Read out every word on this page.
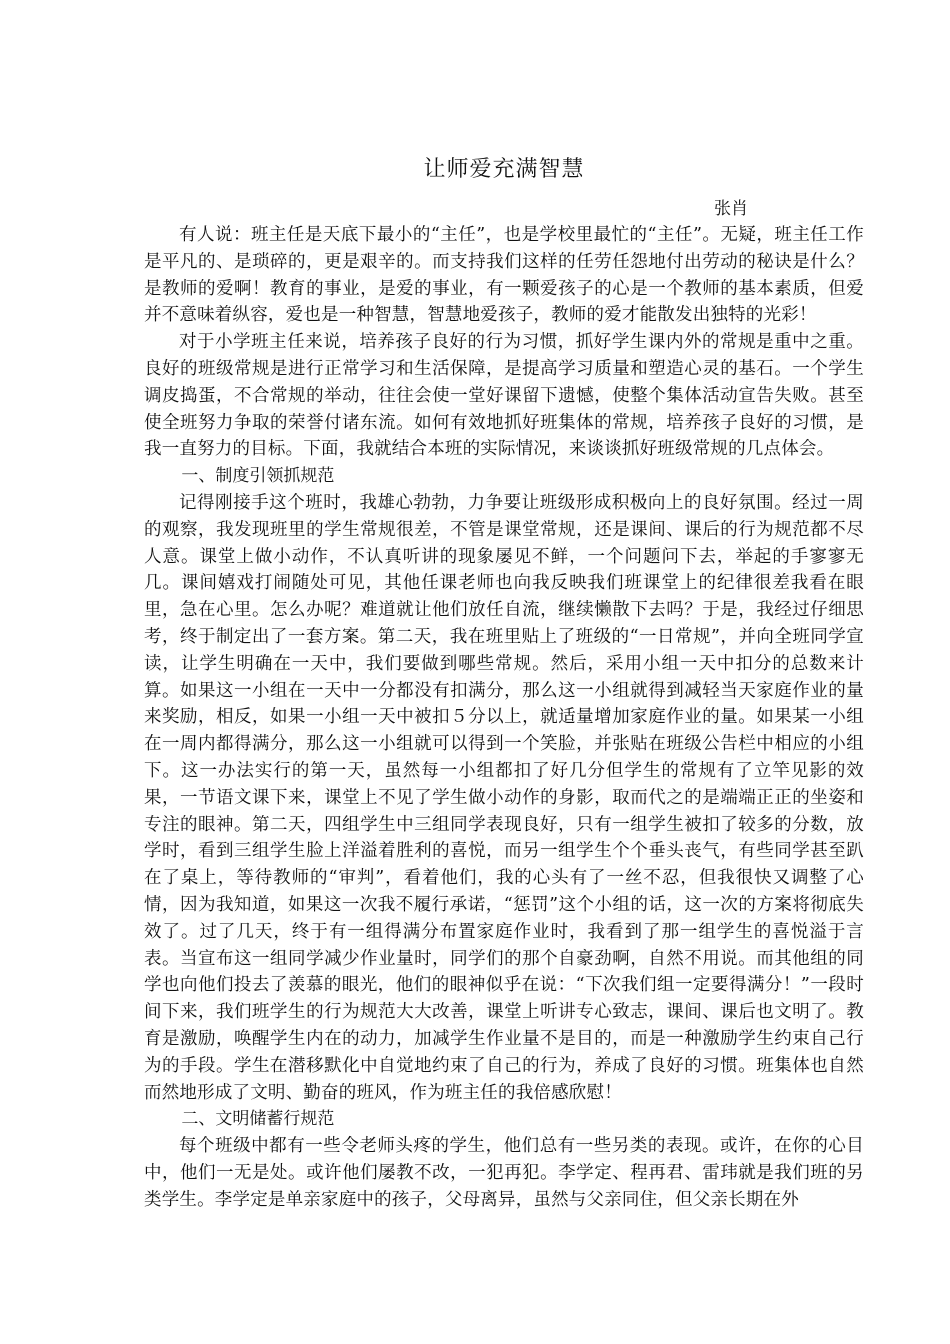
让师爱充满智慧

张肖

有人说：班主任是天底下最小的“主任”，也是学校里最忙的“主任”。无疑，班主任工作是平凡的、是琐碎的，更是艰辛的。而支持我们这样的任劳任怨地付出劳动的秘诀是什么？是教师的爱啊！教育的事业，是爱的事业，有一颗爱孩子的心是一个教师的基本素质，但爱并不意味着纵容，爱也是一种智慧，智慧地爱孩子，教师的爱才能散发出独特的光彩！

对于小学班主任来说，培养孩子良好的行为习惯，抓好学生课内外的常规是重中之重。良好的班级常规是进行正常学习和生活保障，是提高学习质量和塑造心灵的基石。一个学生调皮捣蛋，不合常规的举动，往往会使一堂好课留下遗憾，使整个集体活动宣告失败。甚至使全班努力争取的荣誉付诸东流。如何有效地抓好班集体的常规，培养孩子良好的习惯，是我一直努力的目标。下面，我就结合本班的实际情况，来谈谈抓好班级常规的几点体会。

一、制度引领抓规范

记得刚接手这个班时，我雄心勃勃，力争要让班级形成积极向上的良好氛围。经过一周的观察，我发现班里的学生常规很差，不管是课堂常规，还是课间、课后的行为规范都不尽人意。课堂上做小动作，不认真听讲的现象屡见不鲜，一个问题问下去，举起的手寥寥无几。课间嬉戏打闹随处可见，其他任课老师也向我反映我们班课堂上的纪律很差我看在眼里，急在心里。怎么办呢？难道就让他们放任自流，继续懒散下去吗？于是，我经过仔细思考，终于制定出了一套方案。第二天，我在班里贴上了班级的“一日常规”，并向全班同学宣读，让学生明确在一天中，我们要做到哪些常规。然后，采用小组一天中扣分的总数来计算。如果这一小组在一天中一分都没有扣满分，那么这一小组就得到减轻当天家庭作业的量来奖励，相反，如果一小组一天中被扣５分以上，就适量增加家庭作业的量。如果某一小组在一周内都得满分，那么这一小组就可以得到一个笑脸，并张贴在班级公告栏中相应的小组下。这一办法实行的第一天，虽然每一小组都扣了好几分但学生的常规有了立竿见影的效果，一节语文课下来，课堂上不见了学生做小动作的身影，取而代之的是端端正正的坐姿和专注的眼神。第二天，四组学生中三组同学表现良好，只有一组学生被扣了较多的分数，放学时，看到三组学生脸上洋溢着胜利的喜悦，而另一组学生个个垂头丧气，有些同学甚至趴在了桌上，等待教师的“审判”，看着他们，我的心头有了一丝不忍，但我很快又调整了心情，因为我知道，如果这一次我不履行承诺，“惩罚”这个小组的话，这一次的方案将彻底失效了。过了几天，终于有一组得满分布置家庭作业时，我看到了那一组学生的喜悦溢于言表。当宣布这一组同学减少作业量时，同学们的那个自豪劲啊，自然不用说。而其他组的同学也向他们投去了羡慕的眼光，他们的眼神似乎在说：“下次我们组一定要得满分！”一段时间下来，我们班学生的行为规范大大改善，课堂上听讲专心致志，课间、课后也文明了。教育是激励，唤醒学生内在的动力，加减学生作业量不是目的，而是一种激励学生约束自己行为的手段。学生在潜移默化中自觉地约束了自己的行为，养成了良好的习惯。班集体也自然而然地形成了文明、勤奋的班风，作为班主任的我倍感欣慰！

二、文明储蓄行规范

每个班级中都有一些令老师头疼的学生，他们总有一些另类的表现。或许，在你的心目中，他们一无是处。或许他们屡教不改，一犯再犯。李学定、程再君、雷玮就是我们班的另类学生。李学定是单亲家庭中的孩子，父母离异，虽然与父亲同住，但父亲长期在外
